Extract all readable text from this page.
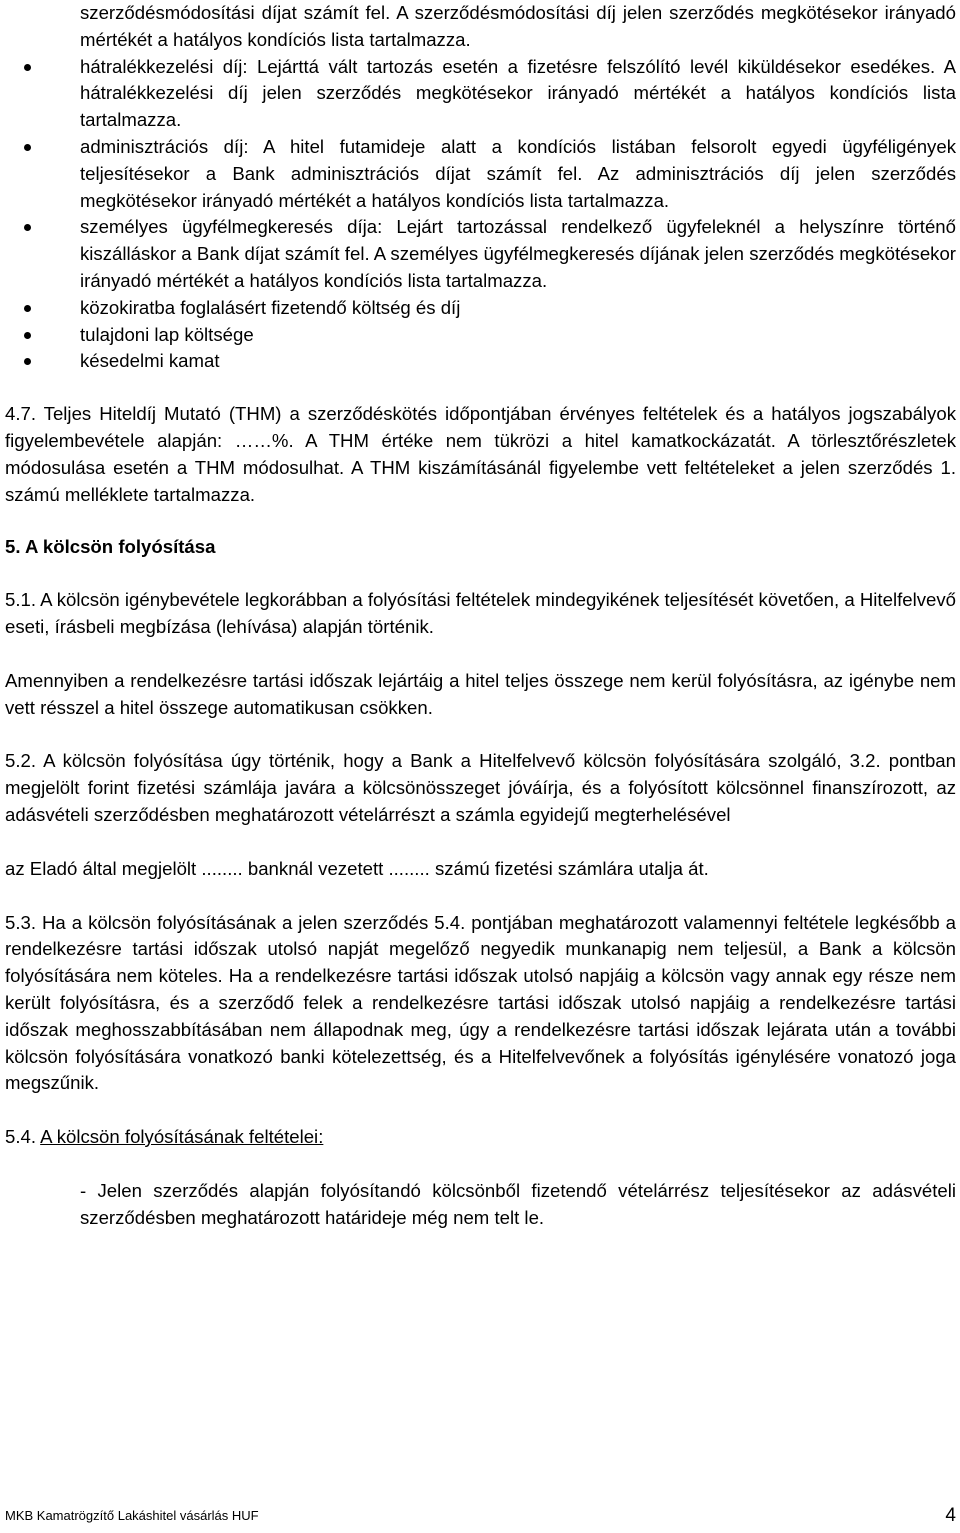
szerződésmódosítási díjat számít fel. A szerződésmódosítási díj jelen szerződés megkötésekor irányadó mértékét a hatályos kondíciós lista tartalmazza.
hátralékkezelési díj: Lejárttá vált tartozás esetén a fizetésre felszólító levél kiküldésekor esedékes. A hátralékkezelési díj jelen szerződés megkötésekor irányadó mértékét a hatályos kondíciós lista tartalmazza.
adminisztrációs díj: A hitel futamideje alatt a kondíciós listában felsorolt egyedi ügyféligények teljesítésekor a Bank adminisztrációs díjat számít fel. Az adminisztrációs díj jelen szerződés megkötésekor irányadó mértékét a hatályos kondíciós lista tartalmazza.
személyes ügyfélmegkeresés díja: Lejárt tartozással rendelkező ügyfeleknél a helyszínre történő kiszálláskor a Bank díjat számít fel. A személyes ügyfélmegkeresés díjának jelen szerződés megkötésekor irányadó mértékét a hatályos kondíciós lista tartalmazza.
közokiratba foglalásért fizetendő költség és díj
tulajdoni lap költsége
késedelmi kamat

4.7. Teljes Hiteldíj Mutató (THM) a szerződéskötés időpontjában érvényes feltételek és a hatályos jogszabályok figyelembevétele alapján: ……%. A THM értéke nem tükrözi a hitel kamatkockázatát. A törlesztőrészletek módosulása esetén a THM módosulhat. A THM kiszámításánál figyelembe vett feltételeket a jelen szerződés 1. számú melléklete tartalmazza.

5. A kölcsön folyósítása

5.1. A kölcsön igénybevétele legkorábban a folyósítási feltételek mindegyikének teljesítését követően, a Hitelfelvevő eseti, írásbeli megbízása (lehívása) alapján történik.

Amennyiben a rendelkezésre tartási időszak lejártáig a hitel teljes összege nem kerül folyósításra, az igénybe nem vett résszel a hitel összege automatikusan csökken.

5.2. A kölcsön folyósítása úgy történik, hogy a Bank a Hitelfelvevő kölcsön folyósítására szolgáló, 3.2. pontban megjelölt forint fizetési számlája javára a kölcsönösszeget jóváírja, és a folyósított kölcsönnel finanszírozott, az adásvételi szerződésben meghatározott vételárrészt a számla egyidejű megterhelésével

az Eladó által megjelölt ........ banknál vezetett ........ számú fizetési számlára utalja át.

5.3. Ha a kölcsön folyósításának a jelen szerződés 5.4. pontjában meghatározott valamennyi feltétele legkésőbb a rendelkezésre tartási időszak utolsó napját megelőző negyedik munkanapig nem teljesül, a Bank a kölcsön folyósítására nem köteles. Ha a rendelkezésre tartási időszak utolsó napjáig a kölcsön vagy annak egy része nem került folyósításra, és a szerződő felek a rendelkezésre tartási időszak utolsó napjáig a rendelkezésre tartási időszak meghosszabbításában nem állapodnak meg, úgy a rendelkezésre tartási időszak lejárata után a további kölcsön folyósítására vonatkozó banki kötelezettség, és a Hitelfelvevőnek a folyósítás igénylésére vonatozó joga megszűnik.

5.4. A kölcsön folyósításának feltételei:

- Jelen szerződés alapján folyósítandó kölcsönből fizetendő vételárrész teljesítésekor az adásvételi szerződésben meghatározott határideje még nem telt le.

MKB Kamatrögzítő Lakáshitel vásárlás HUF	4
